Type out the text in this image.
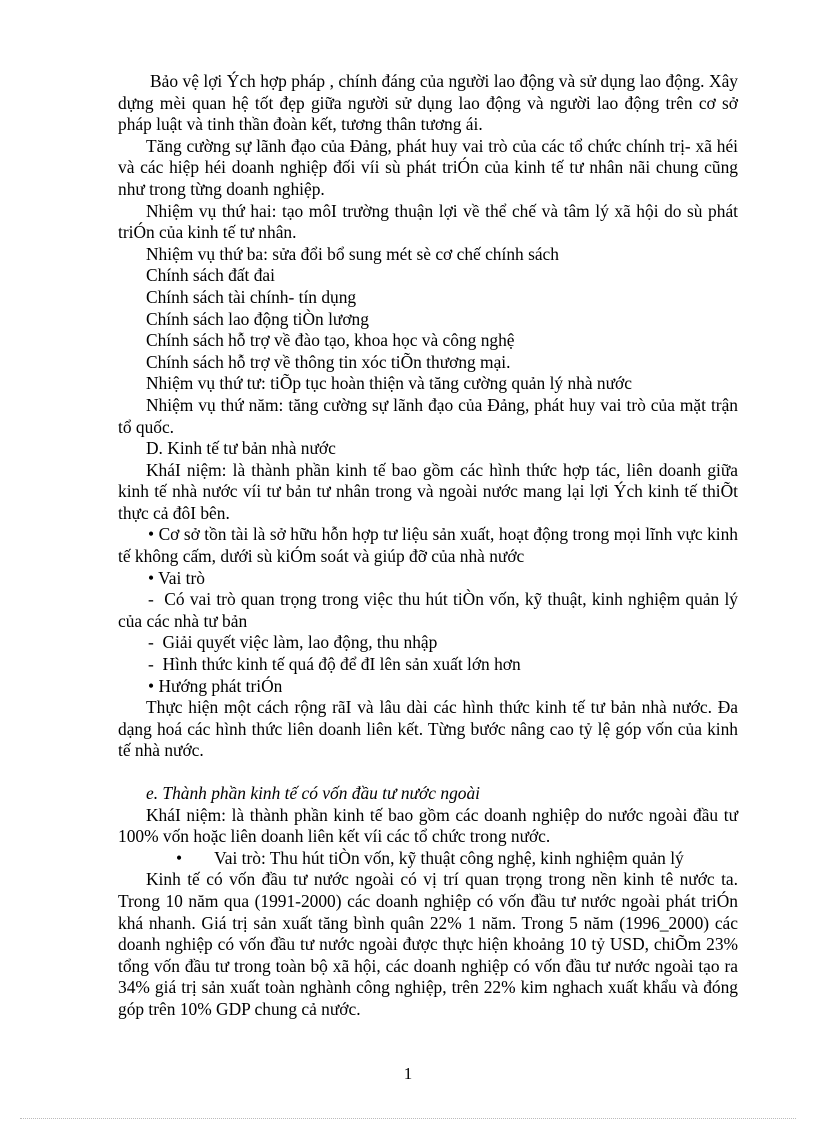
Bảo vệ lợi Ých hợp pháp , chính đáng của người lao động và sử dụng lao động. Xây dựng mèi quan hệ tốt đẹp giữa người sử dụng lao động và người lao động trên cơ sở pháp luật và tinh thần đoàn kết, tương thân tương ái.

Tăng cường sự lãnh đạo của Đảng, phát huy vai trò của các tổ chức chính trị- xã héi và các hiệp héi doanh nghiệp đối víi sù phát triÓn của kinh tế tư nhân nãi chung cũng như trong từng doanh nghiệp.

Nhiệm vụ thứ hai: tạo môI trường thuận lợi về thể chế và tâm lý xã hội do sù phát triÓn của kinh tế tư nhân.

Nhiệm vụ thứ ba: sửa đổi bổ sung mét sè cơ chế chính sách

Chính sách đất đai

Chính sách tài chính- tín dụng

Chính sách lao động tiÒn lương

Chính sách hỗ trợ về đào tạo, khoa học và công nghệ

Chính sách hỗ trợ về thông tin xóc tiÕn thương mại.

Nhiệm vụ thứ tư: tiÕp tục hoàn thiện và tăng cường quản lý nhà nước

Nhiệm vụ thứ năm: tăng cường sự lãnh đạo của Đảng, phát huy vai trò của mặt trận tổ quốc.

D. Kinh tế tư bản nhà nước

KháI niệm: là thành phần kinh tế bao gồm các hình thức hợp tác, liên doanh giữa kinh tế nhà nước víi tư bản tư nhân trong và ngoài nước mang lại lợi Ých kinh tế thiÕt thực cả đôI bên.

• Cơ sở tồn tài là sở hữu hỗn hợp tư liệu sản xuất, hoạt động trong mọi lĩnh vực kinh tế không cấm, dưới sù kiÓm soát và giúp đỡ của nhà nước

• Vai trò

- Có vai trò quan trọng trong việc thu hút tiÒn vốn, kỹ thuật, kinh nghiệm quản lý của các nhà tư bản

- Giải quyết việc làm, lao động, thu nhập

- Hình thức kinh tế quá độ để đI lên sản xuất lớn hơn

• Hướng phát triÓn

Thực hiện một cách rộng rãI và lâu dài các hình thức kinh tế tư bản nhà nước. Đa dạng hoá các hình thức liên doanh liên kết. Từng bước nâng cao tỷ lệ góp vốn của kinh tế nhà nước.

e. Thành phần kinh tế có vốn đầu tư nước ngoài

KháI niệm: là thành phần kinh tế bao gồm các doanh nghiệp do nước ngoài đầu tư 100% vốn hoặc liên doanh liên kết víi các tổ chức trong nước.

• Vai trò: Thu hút tiÒn vốn, kỹ thuật công nghệ, kinh nghiệm quản lý

Kinh tế có vốn đầu tư nước ngoài có vị trí quan trọng trong nền kinh tê nước ta. Trong 10 năm qua (1991-2000) các doanh nghiệp có vốn đầu tư nước ngoài phát triÓn khá nhanh. Giá trị sản xuất tăng bình quân 22% 1 năm. Trong 5 năm (1996_2000) các doanh nghiệp có vốn đầu tư nước ngoài được thực hiện khoảng 10 tỷ USD, chiÕm 23% tổng vốn đầu tư trong toàn bộ xã hội, các doanh nghiệp có vốn đầu tư nước ngoài tạo ra 34% giá trị sản xuất toàn nghành công nghiệp, trên 22% kim nghach xuất khẩu và đóng góp trên 10% GDP chung cả nước.

1
